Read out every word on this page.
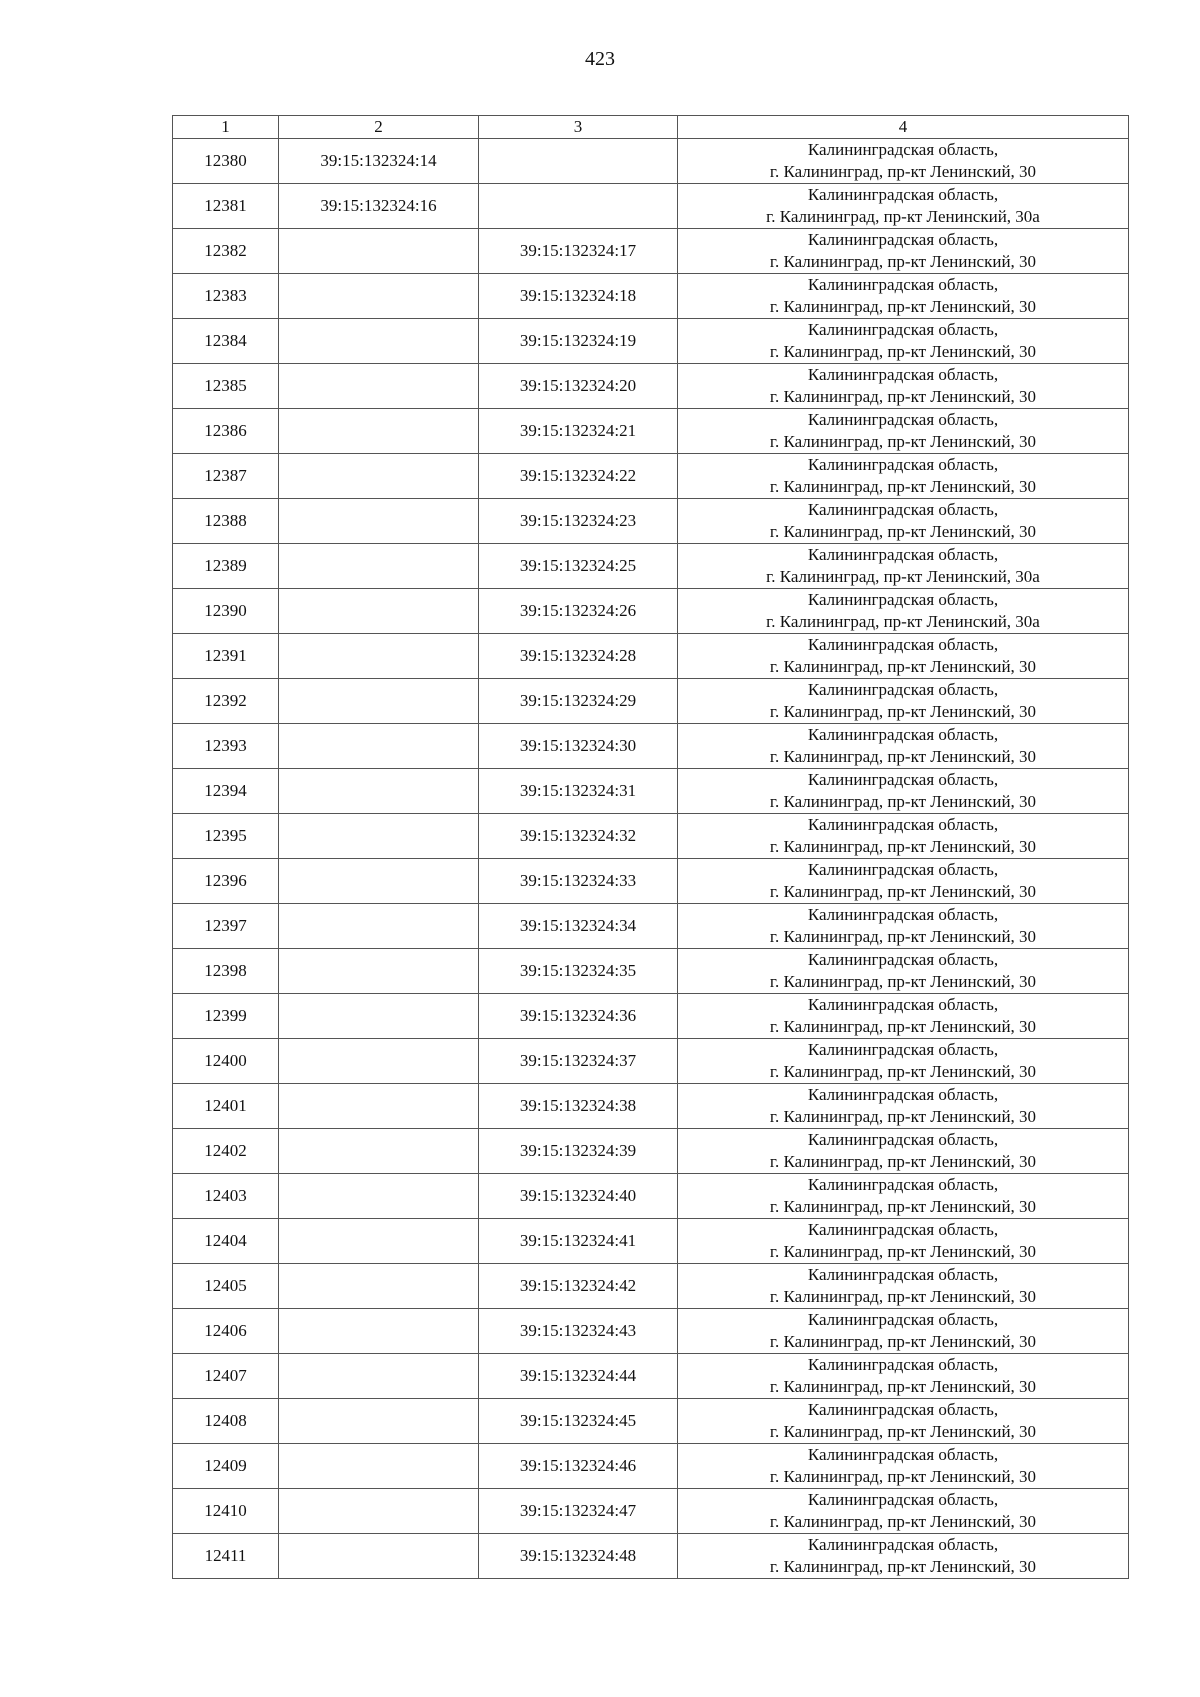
423
1	2	3	4
12380	39:15:132324:14		Калининградская область,
г. Калининград, пр-кт Ленинский, 30

12381	39:15:132324:16		Калининградская область,
г. Калининград, пр-кт Ленинский, 30а

12382		39:15:132324:17	Калининградская область,
г. Калининград, пр-кт Ленинский, 30

12383		39:15:132324:18	Калининградская область,
г. Калининград, пр-кт Ленинский, 30

12384		39:15:132324:19	Калининградская область,
г. Калининград, пр-кт Ленинский, 30

12385		39:15:132324:20	Калининградская область,
г. Калининград, пр-кт Ленинский, 30

12386		39:15:132324:21	Калининградская область,
г. Калининград, пр-кт Ленинский, 30

12387		39:15:132324:22	Калининградская область,
г. Калининград, пр-кт Ленинский, 30

12388		39:15:132324:23	Калининградская область,
г. Калининград, пр-кт Ленинский, 30

12389		39:15:132324:25	Калининградская область,
г. Калининград, пр-кт Ленинский, 30а

12390		39:15:132324:26	Калининградская область,
г. Калининград, пр-кт Ленинский, 30а

12391		39:15:132324:28	Калининградская область,
г. Калининград, пр-кт Ленинский, 30

12392		39:15:132324:29	Калининградская область,
г. Калининград, пр-кт Ленинский, 30

12393		39:15:132324:30	Калининградская область,
г. Калининград, пр-кт Ленинский, 30

12394		39:15:132324:31	Калининградская область,
г. Калининград, пр-кт Ленинский, 30

12395		39:15:132324:32	Калининградская область,
г. Калининград, пр-кт Ленинский, 30

12396		39:15:132324:33	Калининградская область,
г. Калининград, пр-кт Ленинский, 30

12397		39:15:132324:34	Калининградская область,
г. Калининград, пр-кт Ленинский, 30

12398		39:15:132324:35	Калининградская область,
г. Калининград, пр-кт Ленинский, 30

12399		39:15:132324:36	Калининградская область,
г. Калининград, пр-кт Ленинский, 30

12400		39:15:132324:37	Калининградская область,
г. Калининград, пр-кт Ленинский, 30

12401		39:15:132324:38	Калининградская область,
г. Калининград, пр-кт Ленинский, 30

12402		39:15:132324:39	Калининградская область,
г. Калининград, пр-кт Ленинский, 30

12403		39:15:132324:40	Калининградская область,
г. Калининград, пр-кт Ленинский, 30

12404		39:15:132324:41	Калининградская область,
г. Калининград, пр-кт Ленинский, 30

12405		39:15:132324:42	Калининградская область,
г. Калининград, пр-кт Ленинский, 30

12406		39:15:132324:43	Калининградская область,
г. Калининград, пр-кт Ленинский, 30

12407		39:15:132324:44	Калининградская область,
г. Калининград, пр-кт Ленинский, 30

12408		39:15:132324:45	Калининградская область,
г. Калининград, пр-кт Ленинский, 30

12409		39:15:132324:46	Калининградская область,
г. Калининград, пр-кт Ленинский, 30

12410		39:15:132324:47	Калининградская область,
г. Калининград, пр-кт Ленинский, 30

12411		39:15:132324:48	Калининградская область,
г. Калининград, пр-кт Ленинский, 30
